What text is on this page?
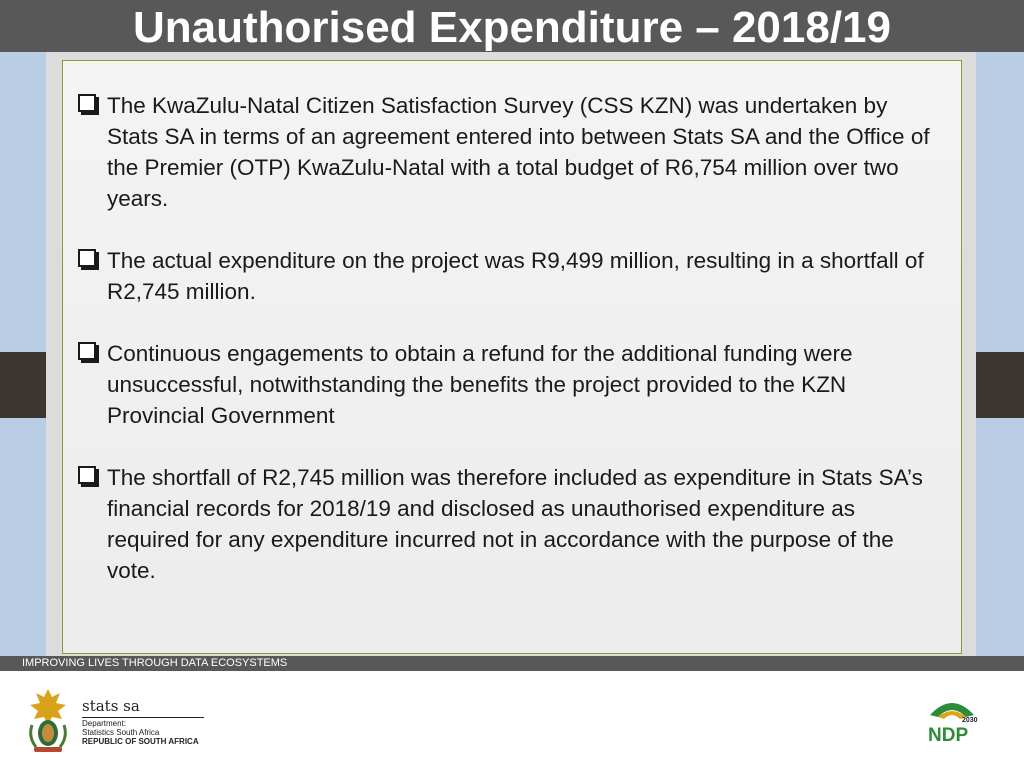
Unauthorised Expenditure – 2018/19
The KwaZulu-Natal Citizen Satisfaction Survey (CSS KZN) was undertaken by Stats SA in terms of an agreement entered into between Stats SA and the Office of the Premier (OTP) KwaZulu-Natal with a total budget of R6,754 million over two years.
The actual expenditure on the project was R9,499 million, resulting in a shortfall of R2,745 million.
Continuous engagements to obtain a refund for the additional funding were unsuccessful, notwithstanding the benefits the project provided to the KZN Provincial Government
The shortfall of R2,745 million was therefore included as expenditure in Stats SA’s financial records for 2018/19 and disclosed as unauthorised expenditure as required for any expenditure incurred not in accordance with the purpose of the vote.
IMPROVING LIVES THROUGH DATA ECOSYSTEMS
stats sa
Department:
Statistics South Africa
REPUBLIC OF SOUTH AFRICA
2030
NDP
